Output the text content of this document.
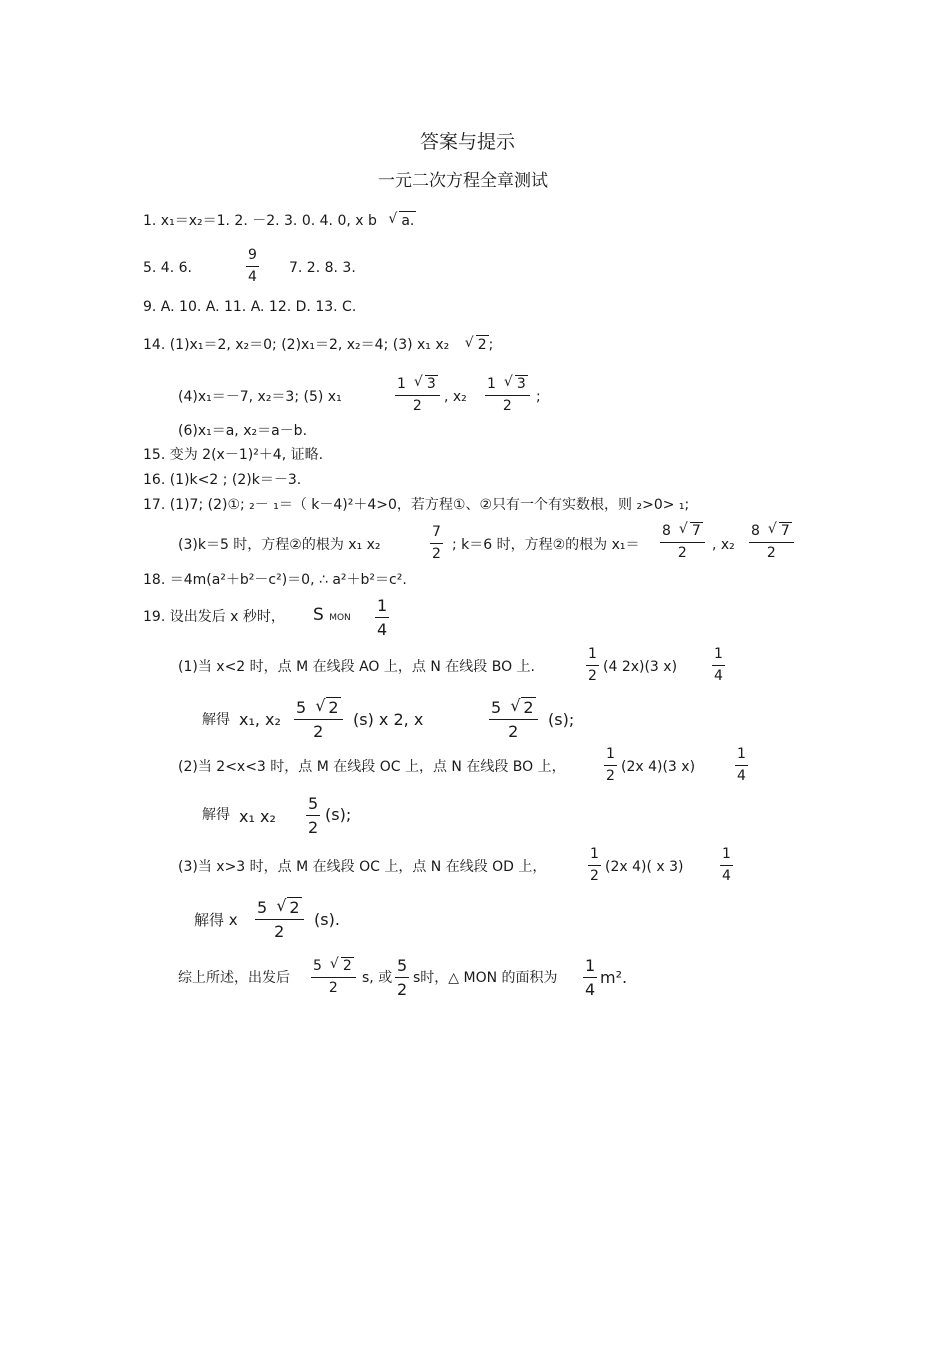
答案与提示
一元二次方程全章测试
1. x₁＝x₂＝1. 2. －2. 3. 0. 4. 0, x b √ a.
5. 4. 6.
9
4
7. 2. 8. 3.
9. A. 10. A. 11. A. 12. D. 13. C.
14. (1)x₁＝2, x₂＝0; (2)x₁＝2, x₂＝4; (3) x₁ x₂ √ 2 ;
(4)x₁＝－7, x₂＝3; (5) x₁
1 √ 3
2
, x₂
1 √ 3
2
;
(6)x₁＝a, x₂＝a－b.
15. 变为 2(x－1)²＋4, 证略.
16. (1)k<2 ; (2)k＝－3.
17. (1)7; (2)①; ₂－ ₁＝（ k－4)²＋4>0，若方程①、②只有一个有实数根，则 ₂>0> ₁;
(3)k＝5 时，方程②的根为 x₁ x₂
7
2
; k＝6 时，方程②的根为 x₁＝
8 √ 7
2 , x₂
8 √ 7
2
18. ＝4m(a²＋b²－c²)＝0, ∴ a²＋b²＝c².
19. 设出发后 x 秒时， S MON
1
4
(1)当 x<2 时，点 M 在线段 AO 上，点 N 在线段 BO 上.
1
2
(4 2x)(3 x)
1
4
解得 x₁, x₂
5 √ 2
2
(s) x 2, x
5 √ 2
2
(s);
(2)当 2<x<3 时，点 M 在线段 OC 上，点 N 在线段 BO 上，
1
2
(2x 4)(3 x)
1
4
解得 x₁ x₂
5
2
(s);
(3)当 x>3 时，点 M 在线段 OC 上，点 N 在线段 OD 上，
1
2
(2x 4)( x 3)
1
4
解得 x
5 √ 2
2
(s).
综上所述，出发后
5 √ 2
2
s, 或
5
2
s时，△ MON 的面积为
1
4
m².
